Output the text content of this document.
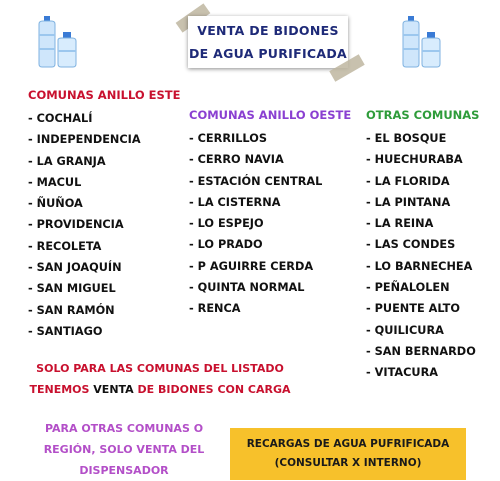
VENTA DE BIDONES
DE AGUA PURIFICADA
COMUNAS ANILLO ESTE
- COCHALÍ
- INDEPENDENCIA
- LA GRANJA
- MACUL
- ÑUÑOA
- PROVIDENCIA
- RECOLETA
- SAN JOAQUÍN
- SAN MIGUEL
- SAN RAMÓN
- SANTIAGO
COMUNAS ANILLO OESTE
- CERRILLOS
- CERRO NAVIA
- ESTACIÓN CENTRAL
- LA CISTERNA
- LO ESPEJO
- LO PRADO
- P AGUIRRE CERDA
- QUINTA NORMAL
- RENCA
OTRAS COMUNAS
- EL BOSQUE
- HUECHURABA
- LA FLORIDA
- LA PINTANA
- LA REINA
- LAS CONDES
- LO BARNECHEA
- PEÑALOLEN
- PUENTE ALTO
- QUILICURA
- SAN BERNARDO
- VITACURA
SOLO PARA LAS COMUNAS DEL LISTADO
TENEMOS VENTA DE BIDONES CON CARGA
PARA OTRAS COMUNAS O
REGIÓN, SOLO VENTA DEL
DISPENSADOR
RECARGAS DE AGUA PUFRIFICADA
(CONSULTAR X INTERNO)
